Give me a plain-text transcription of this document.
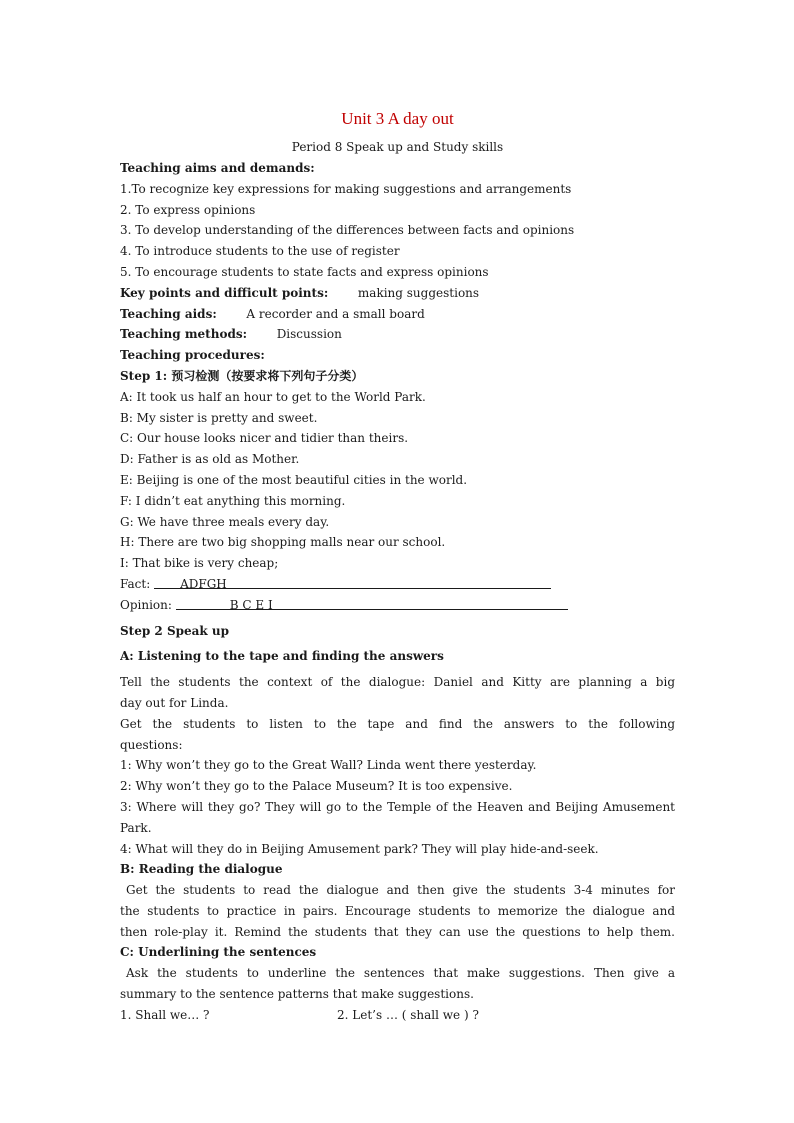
Unit 3 A day out
Period 8 Speak up and Study skills
Teaching aims and demands:
1.To recognize key expressions for making suggestions and arrangements
2. To express opinions
3. To develop understanding of the differences between facts and opinions
4. To introduce students to the use of register
5. To encourage students to state facts and express opinions
Key points and difficult points: making suggestions
Teaching aids: A recorder and a small board
Teaching methods: Discussion
Teaching procedures:
Step 1: 预习检测（按要求将下列句子分类）
A: It took us half an hour to get to the World Park.
B: My sister is pretty and sweet.
C: Our house looks nicer and tidier than theirs.
D: Father is as old as Mother.
E: Beijing is one of the most beautiful cities in the world.
F: I didn’t eat anything this morning.
G: We have three meals every day.
H: There are two big shopping malls near our school.
I: That bike is very cheap;
Fact: ADFGH
Opinion:	B C E I
Step 2 Speak up
A: Listening to the tape and finding the answers
Tell the students the context of the dialogue: Daniel and Kitty are planning a big
day out for Linda.
Get the students to listen to the tape and find the answers to the following
questions:
1: Why won’t they go to the Great Wall? Linda went there yesterday.
2: Why won’t they go to the Palace Museum? It is too expensive.
3: Where will they go? They will go to the Temple of the Heaven and Beijing Amusement
Park.
4: What will they do in Beijing Amusement park? They will play hide-and-seek.
B: Reading the dialogue
Get the students to read the dialogue and then give the students 3-4 minutes for
the students to practice in pairs. Encourage students to memorize the dialogue and
then role-play it. Remind the students that they can use the questions to help them.
C: Underlining the sentences
Ask the students to underline the sentences that make suggestions. Then give a
summary to the sentence patterns that make suggestions.
1. Shall we… ?	2. Let’s … ( shall we ) ?
